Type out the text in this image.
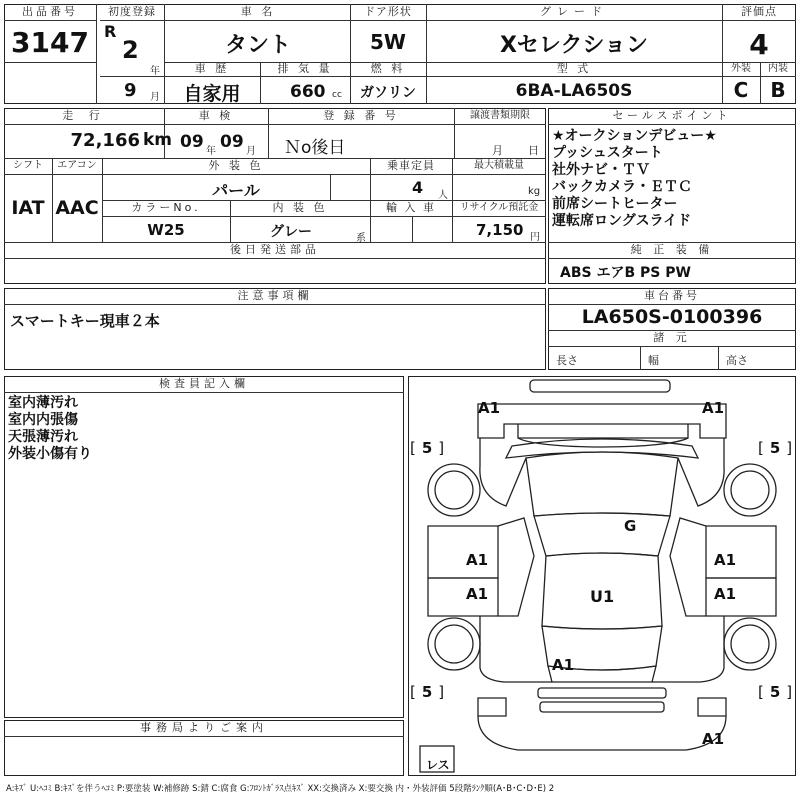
出品番号
3147
初度登録
R
2
年
9 月
車 名
タント
ドア形状
5W
グレード
Xセレクション
評価点
4
外装	内装
C	B
車 歴
自家用
排 気 量
660 cc
燃 料
ガソリン
型 式
6BA-LA650S
走 行
72,166 km
車 検
09 年 09 月
登 録 番 号
Ｎo後日
譲渡書類期限
月 日
シフト	エアコン
IAT AAC
外 装 色
パール
乗車定員
4 人
最大積載量
kg
カラーNo.
W25
内 装 色
グレー	系
輸 入 車	リサイクル預託金
7,150 円
後日発送部品
セールスポイント
★オークションデビュー★
プッシュスタート
社外ナビ・ＴＶ
バックカメラ・ＥＴＣ
前席シートヒーター
運転席ロングスライド
純 正 装 備
ABS エアB PS PW
注意事項欄
スマートキー現車２本
車台番号
LA650S-0100396
諸 元
長さ	幅	高さ
検査員記入欄
室内薄汚れ
室内内張傷
天張薄汚れ
外装小傷有り
事務局よりご案内
A1	A1
G
A1	A1
A1	A1
U1
A1
A1
[ 5 ]	[ 5 ]
[ 5 ]	[ 5 ]
レス
A:ｷｽﾞ U:ﾍｺﾐ B:ｷｽﾞを伴うﾍｺﾐ P:要塗装 W:補修跡 S:錆 C:腐食 G:ﾌﾛﾝﾄｶﾞﾗｽ点ｷｽﾞ XX:交換済み X:要交換 内・外装評価 5段階ﾗﾝｸ順(A･B･C･D･E) 2
